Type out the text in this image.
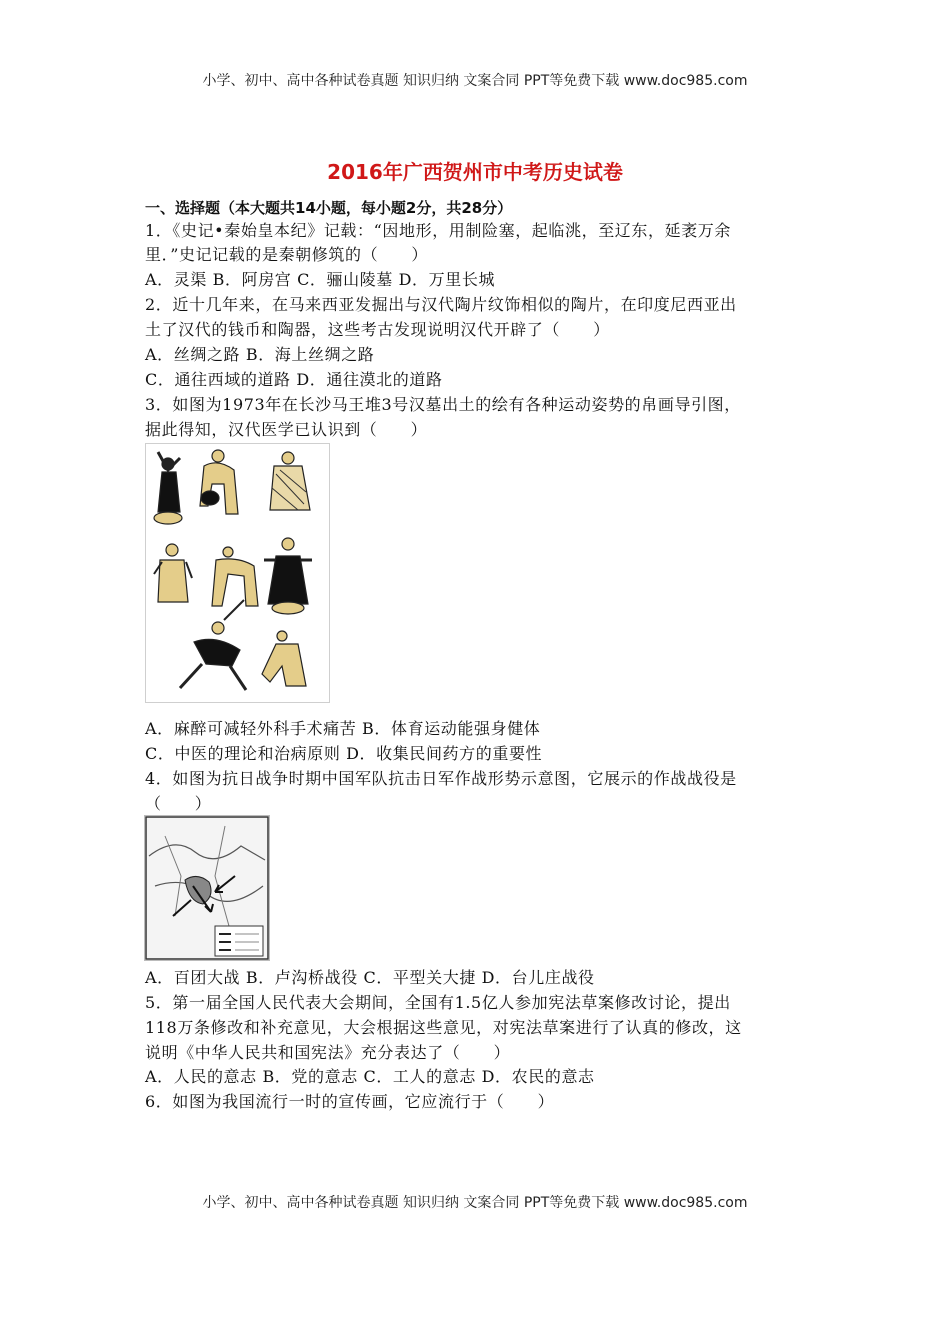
小学、初中、高中各种试卷真题 知识归纳 文案合同 PPT等免费下载 www.doc985.com
2016年广西贺州市中考历史试卷
一、选择题（本大题共14小题，每小题2分，共28分）
1．《史记•秦始皇本纪》记载：“因地形，用制险塞，起临洮，至辽东，延袤万余
里．”史记记载的是秦朝修筑的（　　）
A．灵渠 B．阿房宫 C．骊山陵墓 D．万里长城
2．近十几年来，在马来西亚发掘出与汉代陶片纹饰相似的陶片，在印度尼西亚出
土了汉代的钱币和陶器，这些考古发现说明汉代开辟了（　　）
A．丝绸之路 B．海上丝绸之路
C．通往西域的道路 D．通往漠北的道路
3．如图为1973年在长沙马王堆3号汉墓出土的绘有各种运动姿势的帛画导引图，
据此得知，汉代医学已认识到（　　）
A．麻醉可减轻外科手术痛苦 B．体育运动能强身健体
C．中医的理论和治病原则 D．收集民间药方的重要性
4．如图为抗日战争时期中国军队抗击日军作战形势示意图，它展示的作战战役是
（　　）
A．百团大战 B．卢沟桥战役 C．平型关大捷 D．台儿庄战役
5．第一届全国人民代表大会期间，全国有1.5亿人参加宪法草案修改讨论，提出
118万条修改和补充意见，大会根据这些意见，对宪法草案进行了认真的修改，这
说明《中华人民共和国宪法》充分表达了（　　）
A．人民的意志 B．党的意志 C．工人的意志 D．农民的意志
6．如图为我国流行一时的宣传画，它应流行于（　　）
小学、初中、高中各种试卷真题 知识归纳 文案合同 PPT等免费下载 www.doc985.com
